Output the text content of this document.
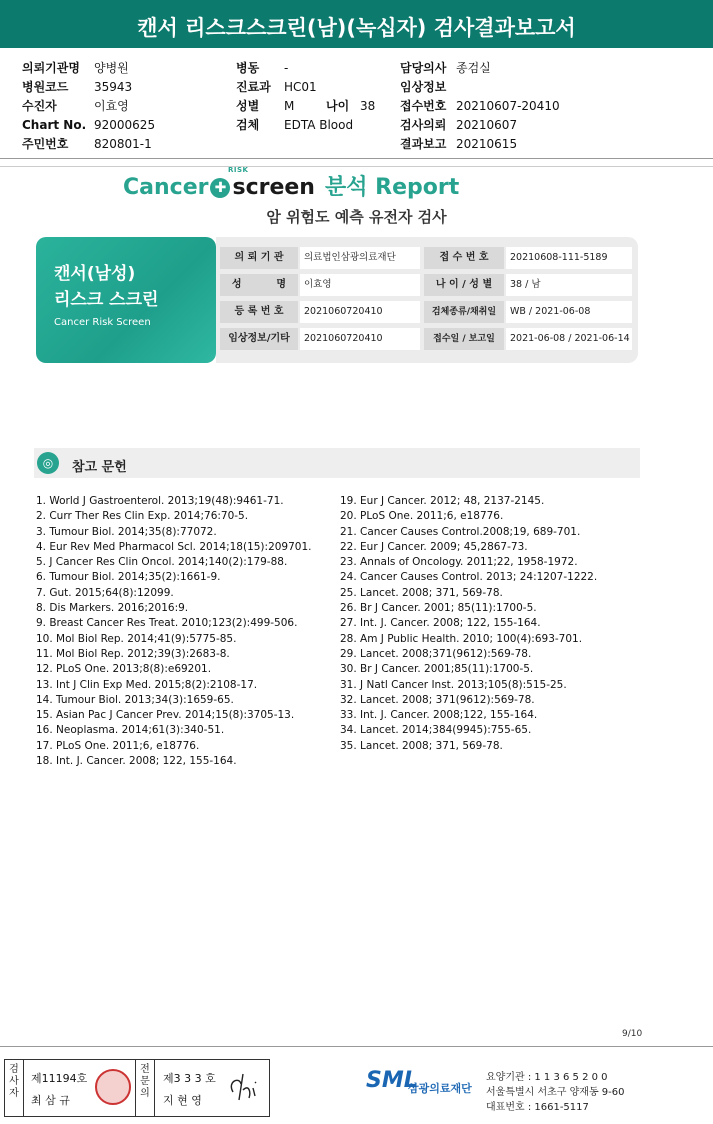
캔서 리스크스크린(남)(녹십자) 검사결과보고서
의뢰기관명 양병원
병원코드 35943
수진자	이효영
Chart No. 92000625
주민번호 820801-1
병동 -
진료과 HC01
성별 M	나이 38
검체 EDTA Blood
담당의사 종검실
임상정보
접수번호 20210607-20410
검사의뢰 20210607
결과보고 20210615
RISK
Cancer ✚ screen 분석 Report
암 위험도 예측 유전자 검사
캔서(남성)
리스크 스크린
Cancer Risk Screen
의 뢰 기 관	의료법인삼광의료재단	접 수 번 호	20210608-111-5189
성          명	이효영	나 이 / 성 별	38 / 남
등 록 번 호	2021060720410	검체종류/채취일	WB / 2021-06-08
임상정보/기타	2021060720410	접수일 / 보고일	2021-06-08 / 2021-06-14
◎	참고 문헌
1. World J Gastroenterol. 2013;19(48):9461-71.
2. Curr Ther Res Clin Exp. 2014;76:70-5.
3. Tumour Biol. 2014;35(8):77072.
4. Eur Rev Med Pharmacol Scl. 2014;18(15):209701.
5. J Cancer Res Clin Oncol. 2014;140(2):179-88.
6. Tumour Biol. 2014;35(2):1661-9.
7. Gut. 2015;64(8):12099.
8. Dis Markers. 2016;2016:9.
9. Breast Cancer Res Treat. 2010;123(2):499-506.
10. Mol Biol Rep. 2014;41(9):5775-85.
11. Mol Biol Rep. 2012;39(3):2683-8.
12. PLoS One. 2013;8(8):e69201.
13. Int J Clin Exp Med. 2015;8(2):2108-17.
14. Tumour Biol. 2013;34(3):1659-65.
15. Asian Pac J Cancer Prev. 2014;15(8):3705-13.
16. Neoplasma. 2014;61(3):340-51.
17. PLoS One. 2011;6, e18776.
18. Int. J. Cancer. 2008; 122, 155-164.
19. Eur J Cancer. 2012; 48, 2137-2145.
20. PLoS One. 2011;6, e18776.
21. Cancer Causes Control.2008;19, 689-701.
22. Eur J Cancer. 2009; 45,2867-73.
23. Annals of Oncology. 2011;22, 1958-1972.
24. Cancer Causes Control. 2013; 24:1207-1222.
25. Lancet. 2008; 371, 569-78.
26. Br J Cancer. 2001; 85(11):1700-5.
27. Int. J. Cancer. 2008; 122, 155-164.
28. Am J Public Health. 2010; 100(4):693-701.
29. Lancet. 2008;371(9612):569-78.
30. Br J Cancer. 2001;85(11):1700-5.
31. J Natl Cancer Inst. 2013;105(8):515-25.
32. Lancet. 2008; 371(9612):569-78.
33. Int. J. Cancer. 2008;122, 155-164.
34. Lancet. 2014;384(9945):755-65.
35. Lancet. 2008; 371, 569-78.
9/10
검
사
자
제11194호
최 삼 규
전
문
의
제3 3 3 호
지 현 영
SML
삼광의료재단
요양기관 : 1 1 3 6 5 2 0 0
서울특별시 서초구 양재동 9-60
대표번호 : 1661-5117
